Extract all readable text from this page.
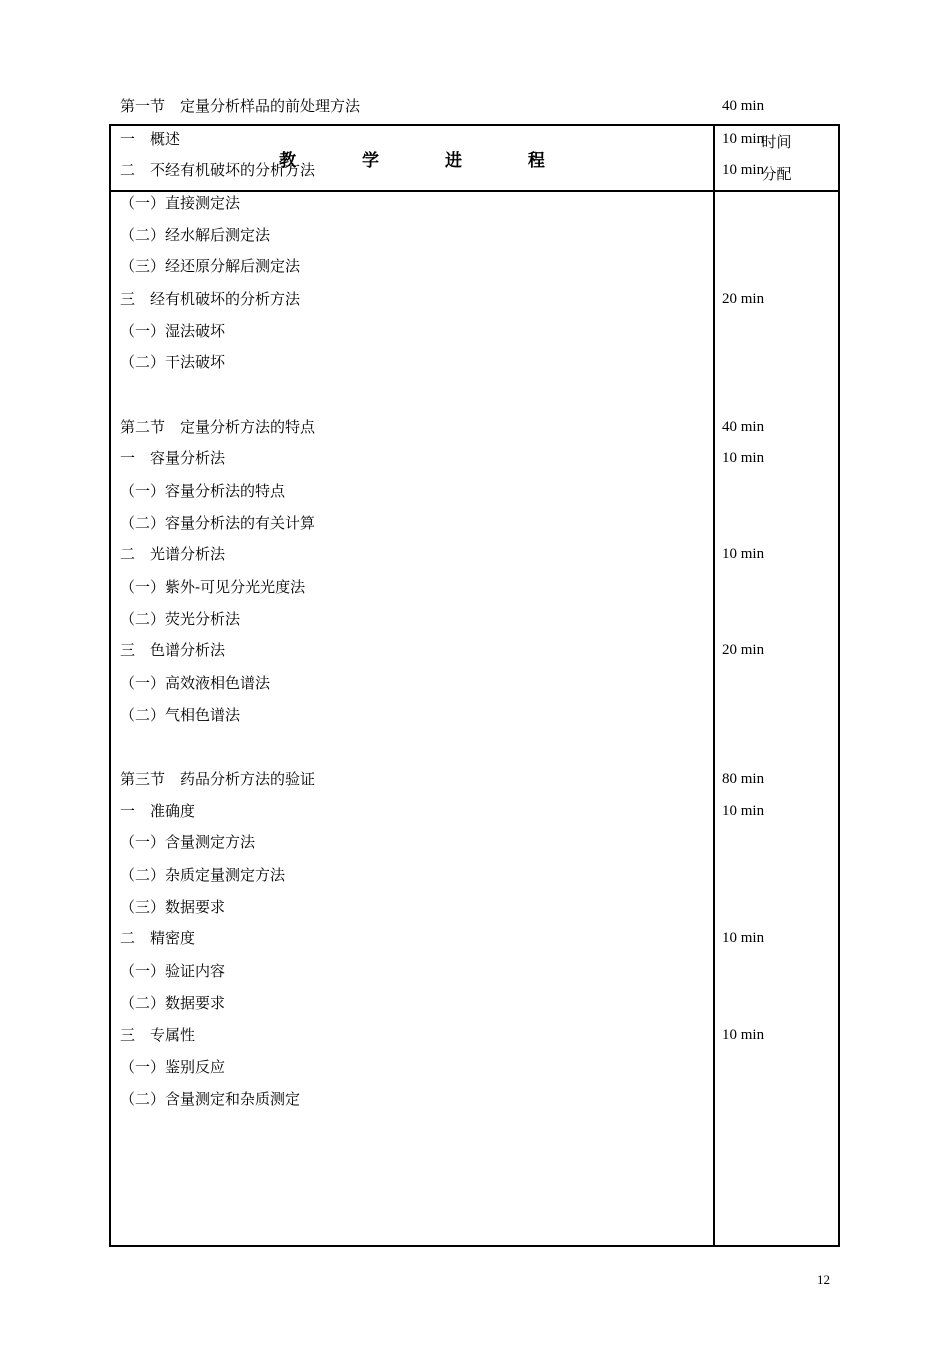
教 学 进 程
时间
分配
第一节　定量分析样品的前处理方法	40 min
一　概述	10 min
二　不经有机破坏的分析方法	10 min
（一）直接测定法
（二）经水解后测定法
（三）经还原分解后测定法
三　经有机破坏的分析方法	20 min
（一）湿法破坏
（二）干法破坏
第二节　定量分析方法的特点	40 min
一　容量分析法	10 min
（一）容量分析法的特点
（二）容量分析法的有关计算
二　光谱分析法	10 min
（一）紫外-可见分光光度法
（二）荧光分析法
三　色谱分析法	20 min
（一）高效液相色谱法
（二）气相色谱法
第三节　药品分析方法的验证	80 min
一　准确度	10 min
（一）含量测定方法
（二）杂质定量测定方法
（三）数据要求
二　精密度	10 min
（一）验证内容
（二）数据要求
三　专属性	10 min
（一）鉴别反应
（二）含量测定和杂质测定
12
